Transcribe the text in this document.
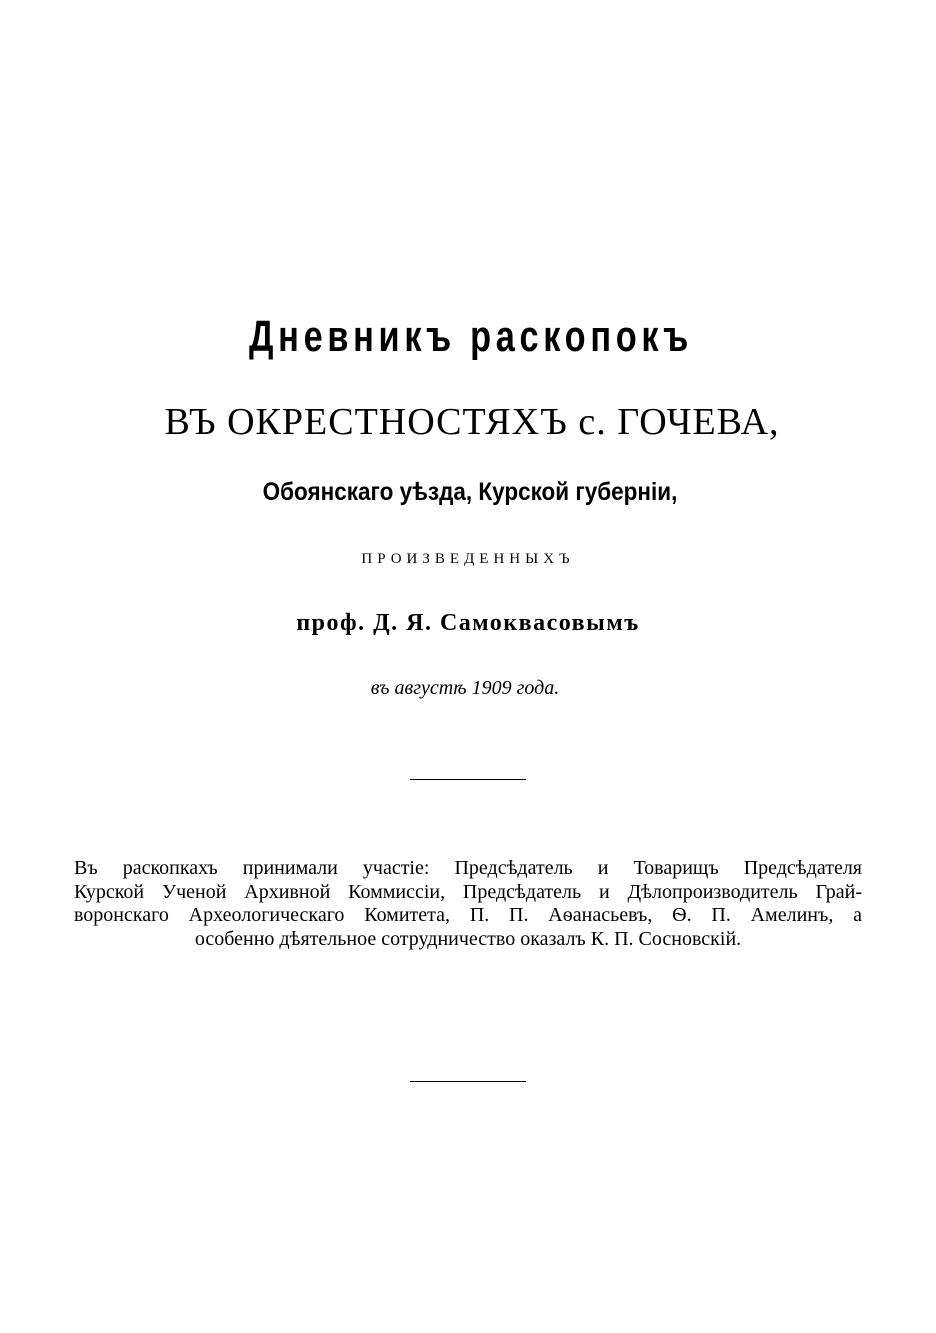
Дневникъ раскопокъ
ВЪ ОКРЕСТНОСТЯХЪ с. ГОЧЕВА,
Обоянскаго уѣзда, Курской губерніи,
ПРОИЗВЕДЕННЫХЪ
проф. Д. Я. Самоквасовымъ
въ августѣ 1909 года.
Въ раскопкахъ принимали участіе: Предсѣдатель и Товарищъ Предсѣдателя
Курской Ученой Архивной Коммиссіи, Предсѣдатель и Дѣлопроизводитель Грай-
воронскаго Археологическаго Комитета, П. П. Аѳанасьевъ, Ѳ. П. Амелинъ, а
особенно дѣятельное сотрудничество оказалъ К. П. Сосновскій.
